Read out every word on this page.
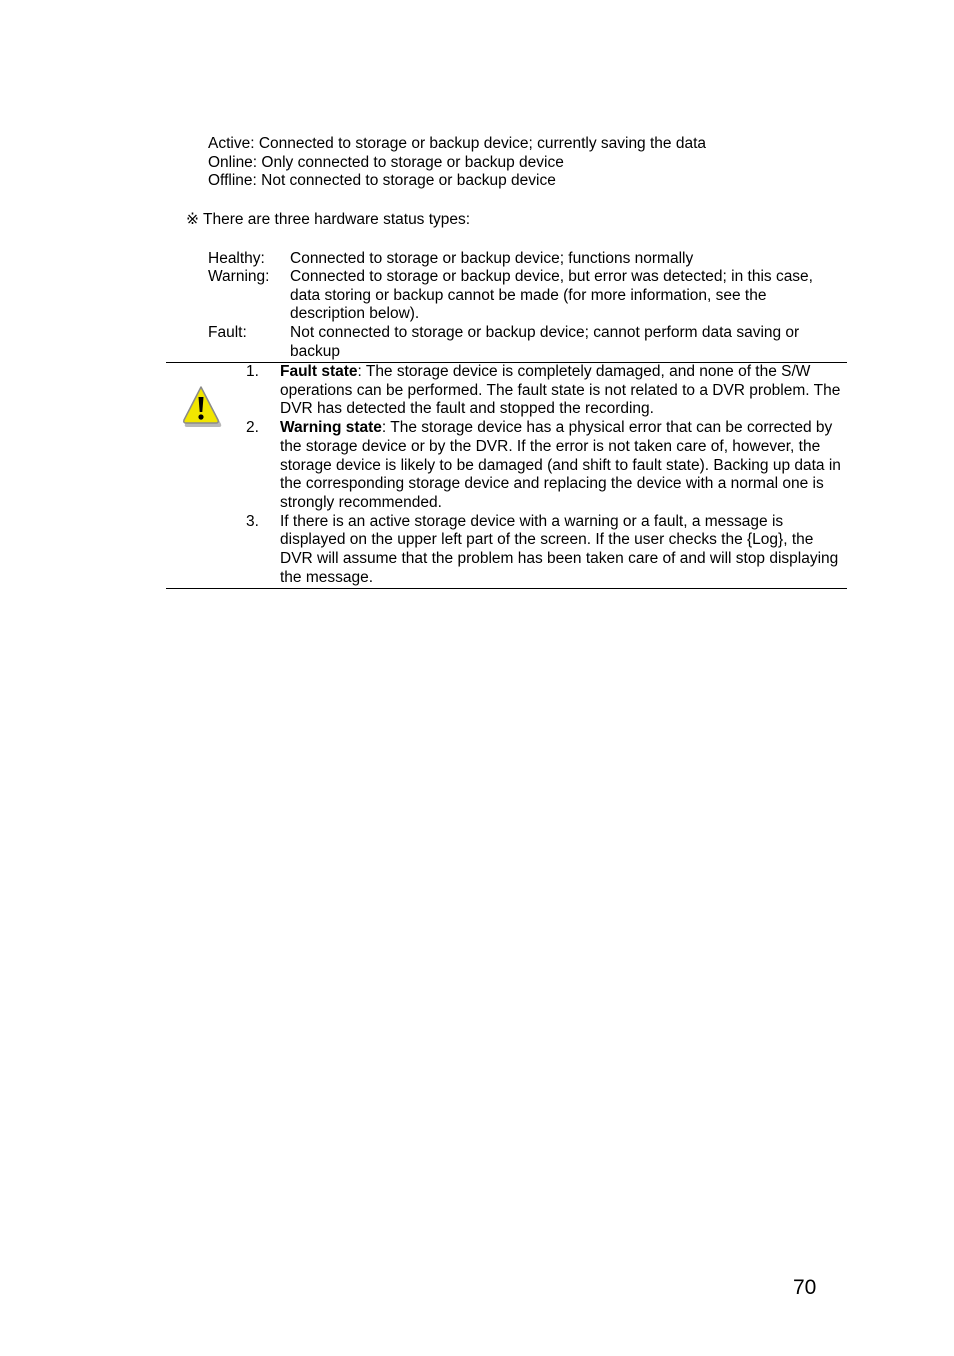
Active: Connected to storage or backup device; currently saving the data
Online: Only connected to storage or backup device
Offline: Not connected to storage or backup device
※ There are three hardware status types:
Healthy: Connected to storage or backup device; functions normally
Warning: Connected to storage or backup device, but error was detected; in this case, data storing or backup cannot be made (for more information, see the description below).
Fault:	Not connected to storage or backup device; cannot perform data saving or backup
1. Fault state: The storage device is completely damaged, and none of the S/W operations can be performed. The fault state is not related to a DVR problem. The DVR has detected the fault and stopped the recording.
2. Warning state: The storage device has a physical error that can be corrected by the storage device or by the DVR. If the error is not taken care of, however, the storage device is likely to be damaged (and shift to fault state). Backing up data in the corresponding storage device and replacing the device with a normal one is strongly recommended.
3. If there is an active storage device with a warning or a fault, a message is displayed on the upper left part of the screen. If the user checks the {Log}, the DVR will assume that the problem has been taken care of and will stop displaying the message.
70
